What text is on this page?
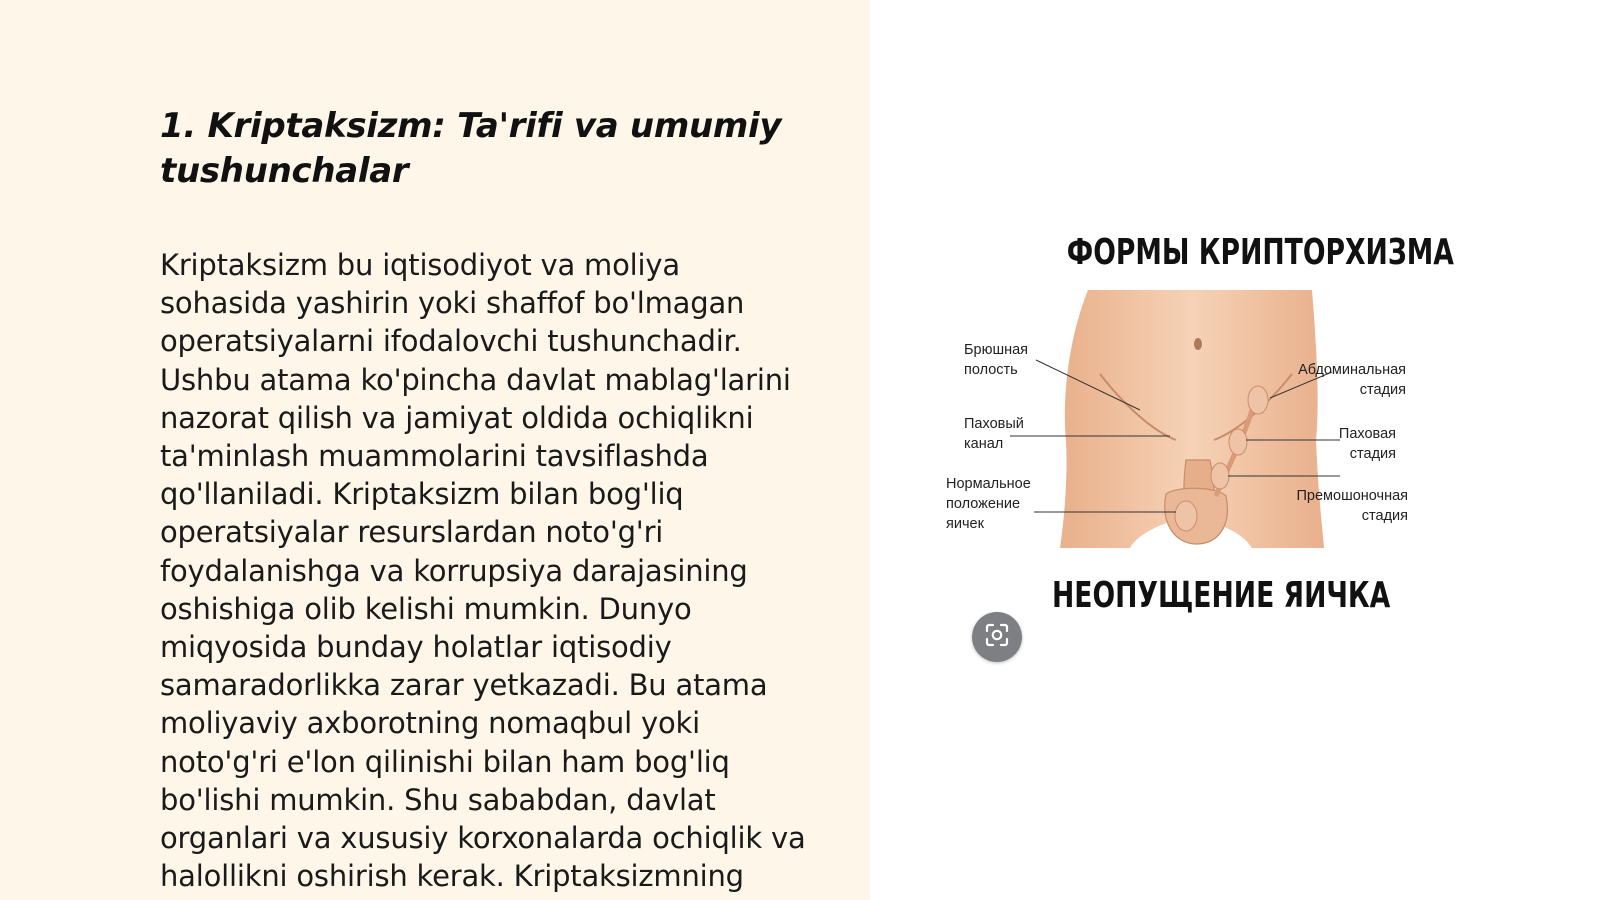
1. Kriptaksizm: Ta'rifi va umumiy
tushunchalar

Kriptaksizm bu iqtisodiyot va moliya
sohasida yashirin yoki shaffof bo'lmagan
operatsiyalarni ifodalovchi tushunchadir.
Ushbu atama ko'pincha davlat mablag'larini
nazorat qilish va jamiyat oldida ochiqlikni
ta'minlash muammolarini tavsiflashda
qo'llaniladi. Kriptaksizm bilan bog'liq
operatsiyalar resurslardan noto'g'ri
foydalanishga va korrupsiya darajasining
oshishiga olib kelishi mumkin. Dunyo
miqyosida bunday holatlar iqtisodiy
samaradorlikka zarar yetkazadi. Bu atama
moliyaviy axborotning nomaqbul yoki
noto'g'ri e'lon qilinishi bilan ham bog'liq
bo'lishi mumkin. Shu sababdan, davlat
organlari va xususiy korxonalarda ochiqlik va
halollikni oshirish kerak. Kriptaksizmning

ФОРМЫ КРИПТОРХИЗМА
Брюшная
полость
Паховый
канал
Нормальное
положение
яичек
Абдоминальная
стадия
Паховая
стадия
Премошоночная
стадия
НЕОПУЩЕНИЕ ЯИЧКА
